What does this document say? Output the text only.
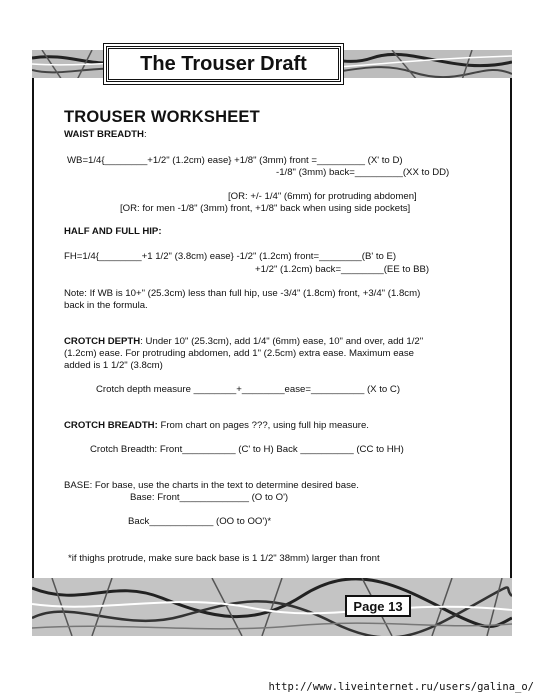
The Trouser Draft
TROUSER WORKSHEET
WAIST BREADTH:
WB=1/4{________+1/2" (1.2cm) ease} +1/8" (3mm) front =_________ (X' to D)
-1/8" (3mm) back=_________(XX to DD)
[OR: +/- 1/4" (6mm) for protruding abdomen]
[OR: for men -1/8" (3mm) front, +1/8" back when using side pockets]
HALF AND FULL HIP:
FH=1/4{________+1 1/2" (3.8cm) ease} -1/2" (1.2cm) front=________(B' to E)
+1/2" (1.2cm) back=________(EE to BB)
Note: If WB is 10+" (25.3cm) less than full hip, use -3/4" (1.8cm) front, +3/4" (1.8cm)
back in the formula.
CROTCH DEPTH: Under 10" (25.3cm), add 1/4" (6mm) ease, 10" and over, add 1/2"
(1.2cm) ease. For protruding abdomen, add 1" (2.5cm) extra ease. Maximum ease
added is 1 1/2" (3.8cm)
Crotch depth measure ________+________ease=__________ (X to C)
CROTCH BREADTH: From chart on pages ???, using full hip measure.
Crotch Breadth: Front__________ (C' to H) Back __________ (CC to HH)
BASE: For base, use the charts in the text to determine desired base.
Base: Front_____________ (O to O')
Back____________ (OO to OO')*
*if thighs protrude, make sure back base is 1 1/2" 38mm) larger than front
Page 13
http://www.liveinternet.ru/users/galina_o/
